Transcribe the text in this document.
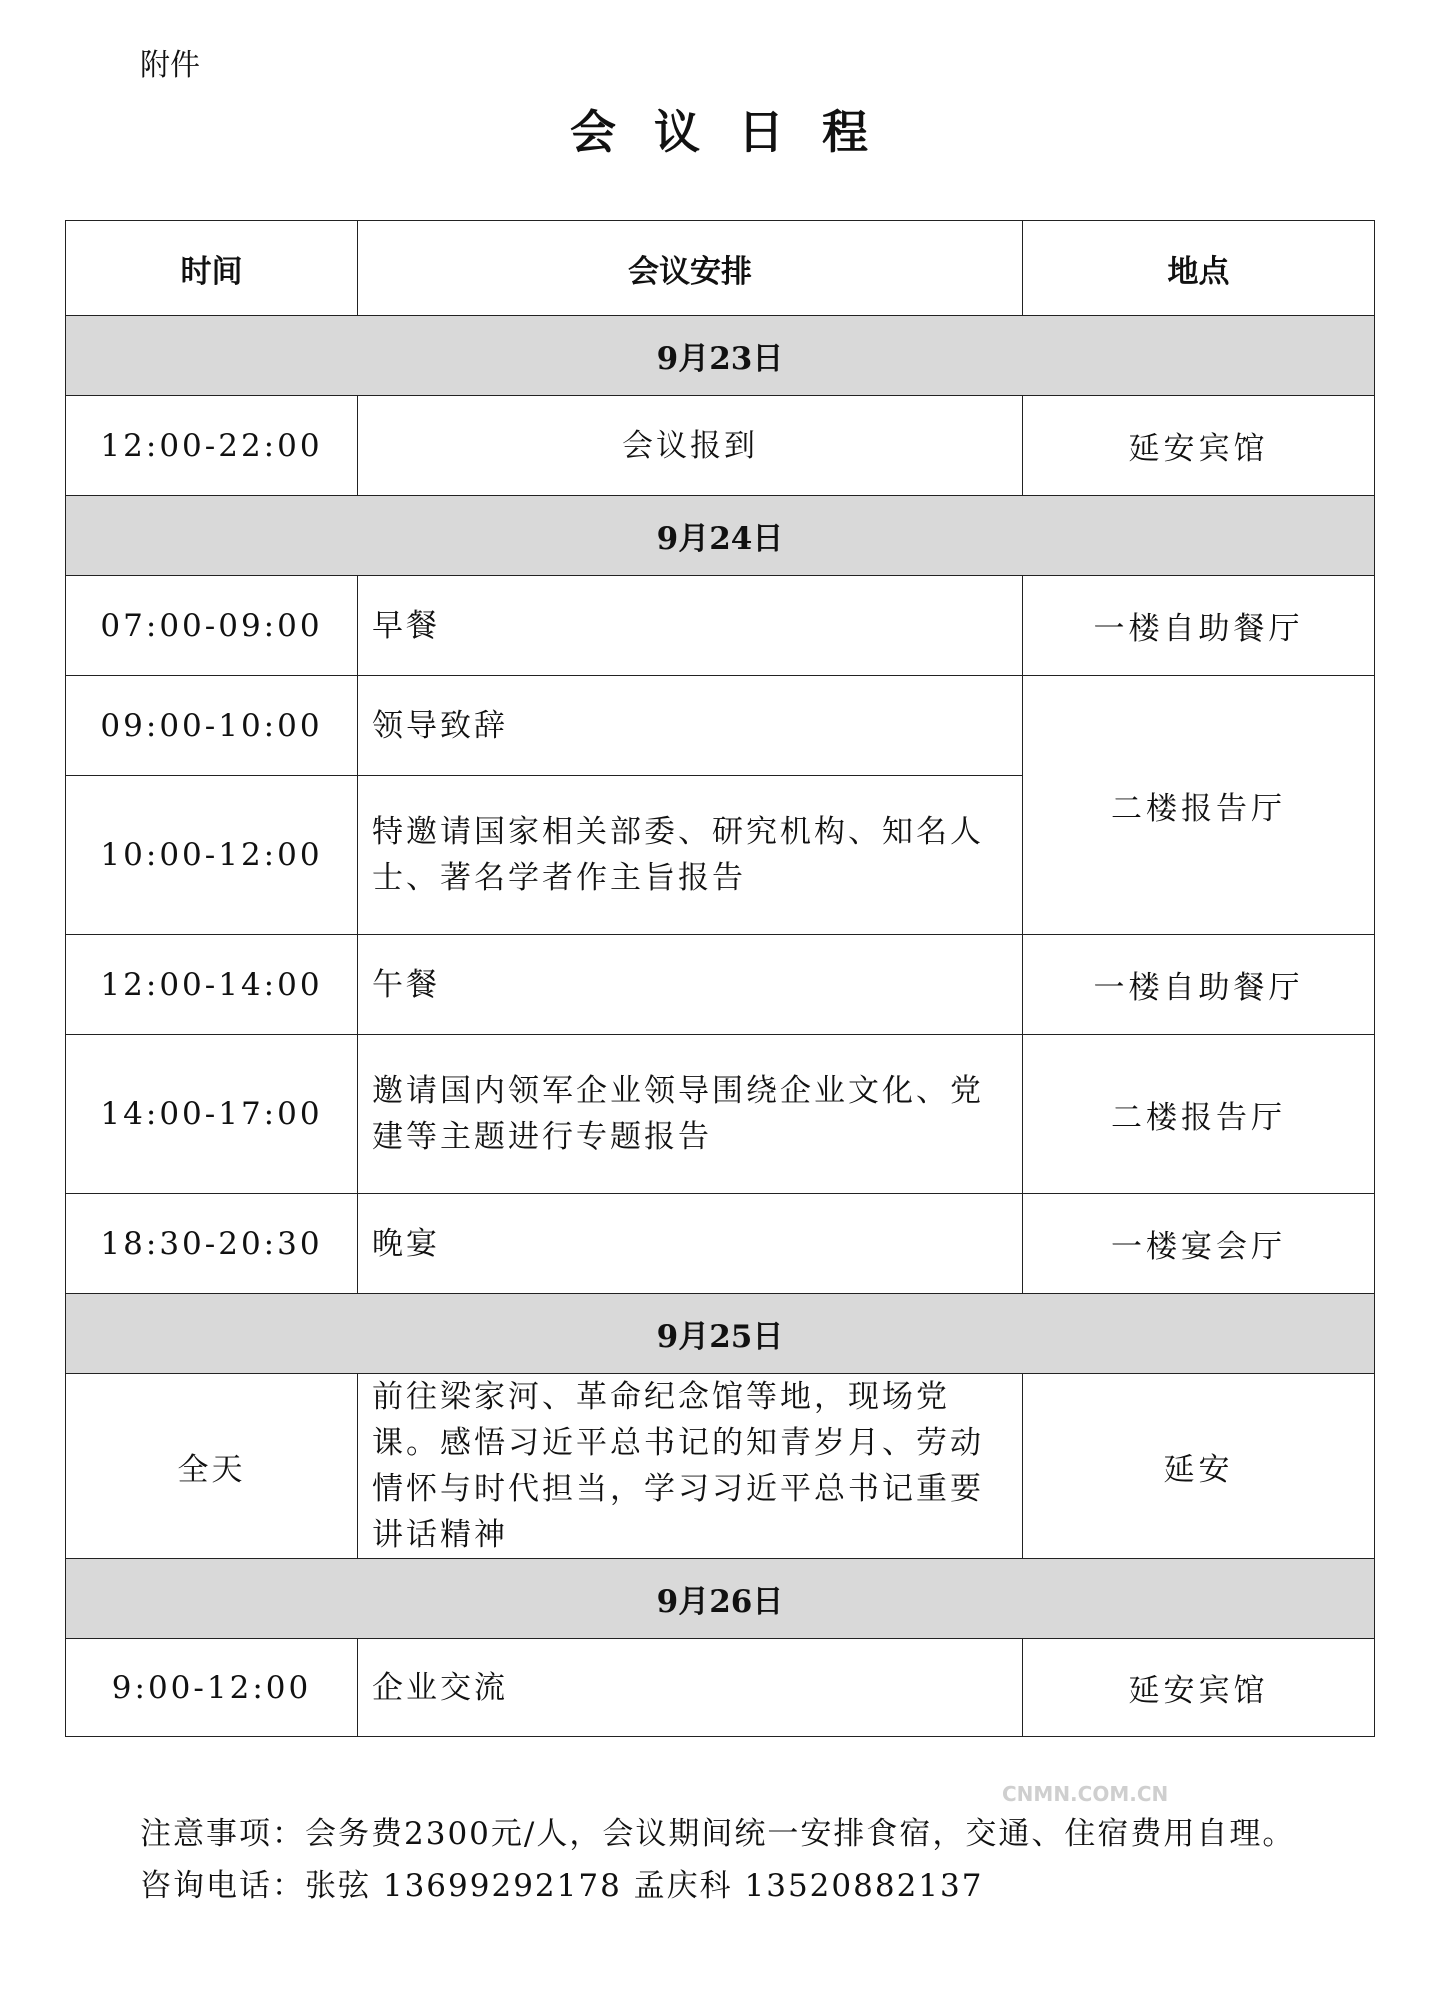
附件
会议日程
时间	会议安排	地点
9月23日		
12:00-22:00	会议报到	延安宾馆
9月24日		
07:00-09:00	早餐	一楼自助餐厅
09:00-10:00	领导致辞	二楼报告厅
10:00-12:00	特邀请国家相关部委、研究机构、知名人士、著名学者作主旨报告	
12:00-14:00	午餐	一楼自助餐厅
14:00-17:00	邀请国内领军企业领导围绕企业文化、党建等主题进行专题报告	二楼报告厅
18:30-20:30	晚宴	一楼宴会厅
9月25日		
全天	前往梁家河、革命纪念馆等地，现场党课。感悟习近平总书记的知青岁月、劳动情怀与时代担当，学习习近平总书记重要讲话精神	延安
9月26日		
9:00-12:00	企业交流	延安宾馆
CNMN.COM.CN
注意事项：会务费2300元/人，会议期间统一安排食宿，交通、住宿费用自理。
咨询电话：张弦 13699292178 孟庆科 13520882137
